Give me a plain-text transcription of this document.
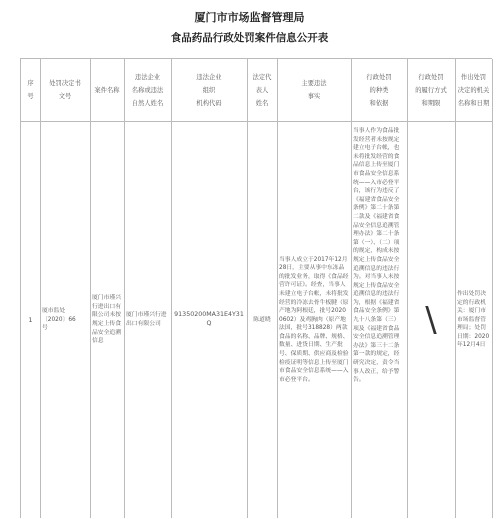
厦门市市场监督管理局
食品药品行政处罚案件信息公开表
序
号
处罚决定书
文号
案件名称
违法企业
名称或违法
自然人姓名
违法企业
组织
机构代码
法定代
表人
姓名
主要违法
事实
行政处罚
的种类
和依据
行政处罚
的履行方式
和期限
作出处罚
决定的机关
名称和日期
1
厦市监处
〔2020〕66
号
厦门市瑾兴行进出口有限公司未按规定上传食品安全追溯信息
厦门市瑾兴行进出口有限公司
91350200MA31E4Y31Q
陈道晓
当事人成立于2017年12月28日，主要从事中东冻品的批发业务，取得《食品经营许可证》。经查，当事人未建立电子台帐，未将批发经营的冷冻去骨牛板腱（原产地为阿根廷，批号20200602）及鸡胸肉（原产地法国，批号318828）两款食品的名称、品牌、规格、数量、进货日期、生产批号、保质期、供应商及检验检疫证明等信息上传至厦门市食品安全信息系统——入市必登平台。
当事人作为食品批发经营者未按规定建立电子台帐，也未将批发经营的食品信息上传至厦门市食品安全信息系统——入市必登平台，该行为违反了《福建省食品安全条例》第二十条第二款及《福建省食品安全信息追溯管理办法》第二十条第（一）、（二）项的规定，构成未按规定上传食品安全追溯信息的违法行为。对当事人未按规定上传食品安全追溯信息的违法行为，根据《福建省食品安全条例》第九十八条第（三）项及《福建省食品安全信息追溯管理办法》第三十二条第一款的规定，经研究决定，责令当事人改正，给予警告。
\
作出处罚决定的行政机关：厦门市市场监督管理局；处罚日期：2020年12月4日
